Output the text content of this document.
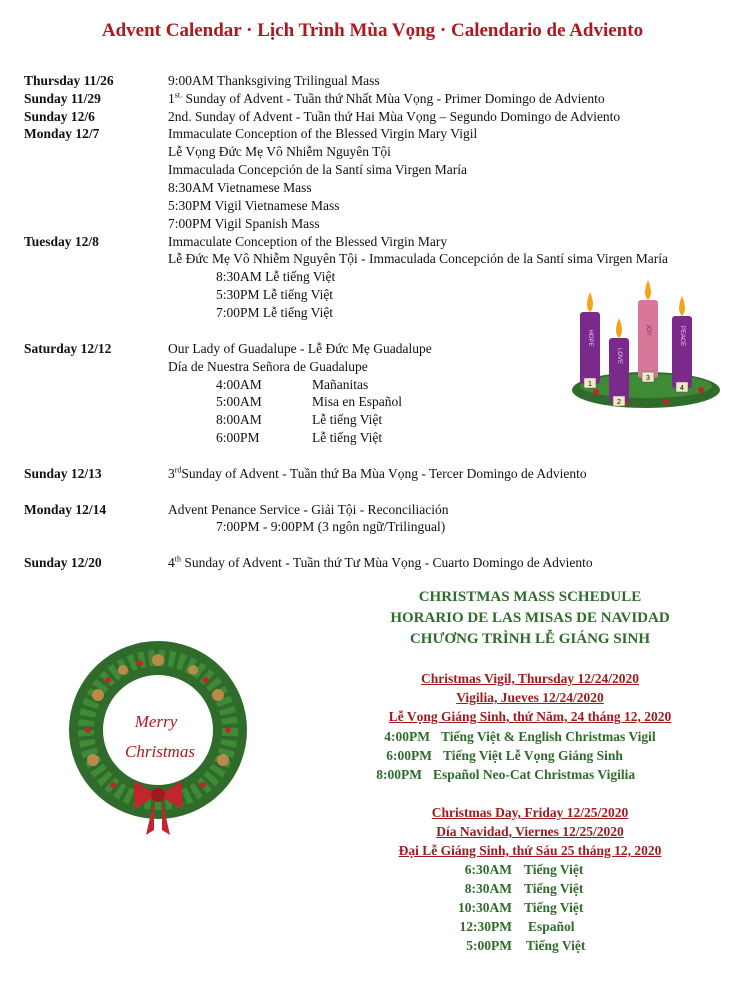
Advent Calendar · Lịch Trình Mùa Vọng · Calendario de Adviento
Thursday 11/26	9:00AM Thanksgiving Trilingual Mass
Sunday 11/29	$1^{st.}$ Sunday of Advent - Tuần thứ Nhất Mùa Vọng - Primer Domingo de Adviento
Sunday 12/6	2nd. Sunday of Advent - Tuần thứ Hai Mùa Vọng – Segundo Domingo de Adviento
Monday 12/7	Immaculate Conception of the Blessed Virgin Mary Vigil
Lễ Vọng Đức Mẹ Vô Nhiễm Nguyên Tội
Immaculada Concepción de la Santí sima Virgen María
8:30AM Vietnamese Mass
5:30PM Vigil Vietnamese Mass
7:00PM Vigil Spanish Mass
Tuesday 12/8	Immaculate Conception of the Blessed Virgin Mary
Lễ Đức Mẹ Vô Nhiễm Nguyên Tội - Immaculada Concepción de la Santí sima Virgen María
8:30AM Lễ tiếng Việt
5:30PM Lễ tiếng Việt
7:00PM Lễ tiếng Việt
HOPE
1
LOVE
2
JOY
3
PEACE
4
Saturday 12/12	Our Lady of Guadalupe - Lễ Đức Mẹ Guadalupe
Día de Nuestra Señora de Guadalupe
4:00AM	Mañanitas
5:00AM	Misa en Español
8:00AM	Lễ tiếng Việt
6:00PM	Lễ tiếng Việt
Sunday 12/13	3rdSunday of Advent - Tuần thứ Ba Mùa Vọng - Tercer Domingo de Adviento
Monday 12/14	Advent Penance Service - Giải Tội - Reconciliación
7:00PM - 9:00PM (3 ngôn ngữ/Trilingual)
Sunday 12/20	4th Sunday of Advent - Tuần thứ Tư Mùa Vọng - Cuarto Domingo de Adviento
Merry
Christmas
CHRISTMAS MASS SCHEDULE
HORARIO DE LAS MISAS DE NAVIDAD
CHƯƠNG TRÌNH LỄ GIÁNG SINH
Christmas Vigil, Thursday 12/24/2020
Vigilia, Jueves 12/24/2020
Lễ Vọng Giáng Sinh, thứ Năm, 24 tháng 12, 2020
4:00PM Tiếng Việt & English Christmas Vigil
6:00PM Tiếng Việt Lễ Vọng Giáng Sinh
8:00PM Español Neo-Cat Christmas Vigilia
Christmas Day, Friday 12/25/2020
Día Navidad, Viernes 12/25/2020
Đại Lễ Giáng Sinh, thứ Sáu 25 tháng 12, 2020
6:30AM Tiếng Việt
8:30AM Tiếng Việt
10:30AM Tiếng Việt
12:30PM Español
5:00PM Tiếng Việt
